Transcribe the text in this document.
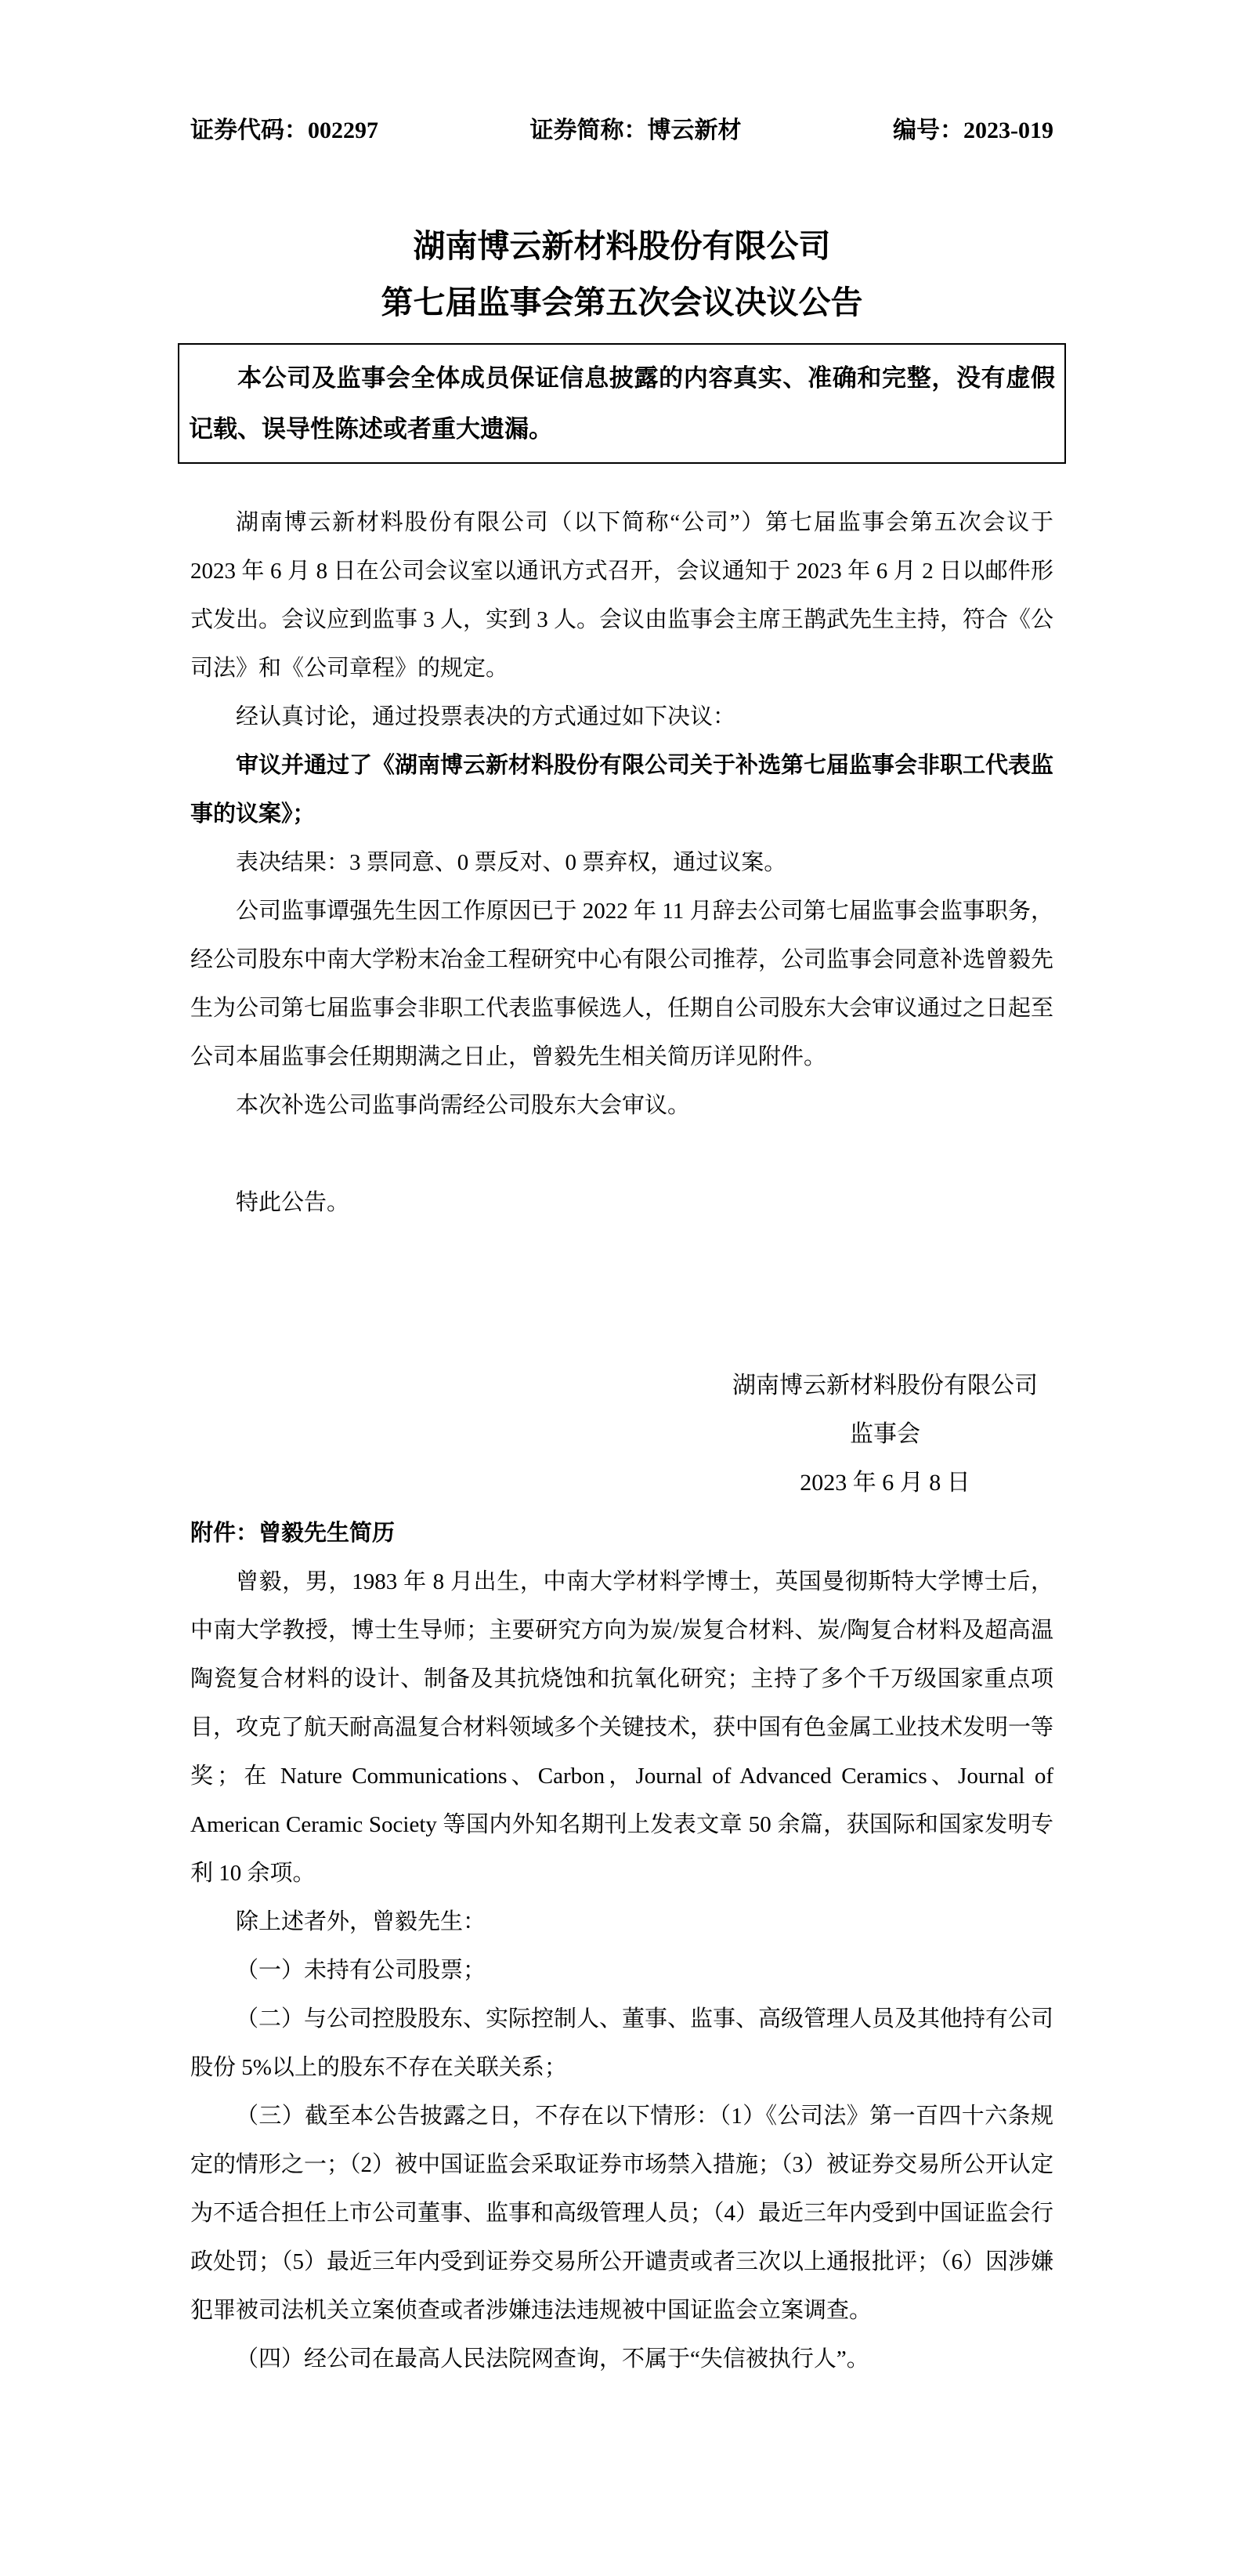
证券代码：002297	证券简称：博云新材	编号：2023-019
湖南博云新材料股份有限公司
第七届监事会第五次会议决议公告
本公司及监事会全体成员保证信息披露的内容真实、准确和完整，没有虚假记载、误导性陈述或者重大遗漏。

湖南博云新材料股份有限公司（以下简称“公司”）第七届监事会第五次会议于 2023 年 6 月 8 日在公司会议室以通讯方式召开，会议通知于 2023 年 6 月 2 日以邮件形式发出。会议应到监事 3 人，实到 3 人。会议由监事会主席王鹊武先生主持，符合《公司法》和《公司章程》的规定。

经认真讨论，通过投票表决的方式通过如下决议：

审议并通过了《湖南博云新材料股份有限公司关于补选第七届监事会非职工代表监事的议案》；

表决结果：3 票同意、0 票反对、0 票弃权，通过议案。

公司监事谭强先生因工作原因已于 2022 年 11 月辞去公司第七届监事会监事职务，经公司股东中南大学粉末冶金工程研究中心有限公司推荐，公司监事会同意补选曾毅先生为公司第七届监事会非职工代表监事候选人，任期自公司股东大会审议通过之日起至公司本届监事会任期期满之日止，曾毅先生相关简历详见附件。

本次补选公司监事尚需经公司股东大会审议。

特此公告。

湖南博云新材料股份有限公司
监事会
2023 年 6 月 8 日

附件：曾毅先生简历

曾毅，男，1983 年 8 月出生，中南大学材料学博士，英国曼彻斯特大学博士后，中南大学教授，博士生导师；主要研究方向为炭/炭复合材料、炭/陶复合材料及超高温陶瓷复合材料的设计、制备及其抗烧蚀和抗氧化研究；主持了多个千万级国家重点项目，攻克了航天耐高温复合材料领域多个关键技术，获中国有色金属工业技术发明一等奖；在 Nature Communications、Carbon，Journal of Advanced Ceramics、Journal of American Ceramic Society 等国内外知名期刊上发表文章 50 余篇，获国际和国家发明专利 10 余项。

除上述者外，曾毅先生：

（一）未持有公司股票；

（二）与公司控股股东、实际控制人、董事、监事、高级管理人员及其他持有公司股份 5%以上的股东不存在关联关系；

（三）截至本公告披露之日，不存在以下情形：（1）《公司法》第一百四十六条规定的情形之一；（2）被中国证监会采取证券市场禁入措施；（3）被证券交易所公开认定为不适合担任上市公司董事、监事和高级管理人员；（4）最近三年内受到中国证监会行政处罚；（5）最近三年内受到证券交易所公开谴责或者三次以上通报批评；（6）因涉嫌犯罪被司法机关立案侦查或者涉嫌违法违规被中国证监会立案调查。

（四）经公司在最高人民法院网查询，不属于“失信被执行人”。
